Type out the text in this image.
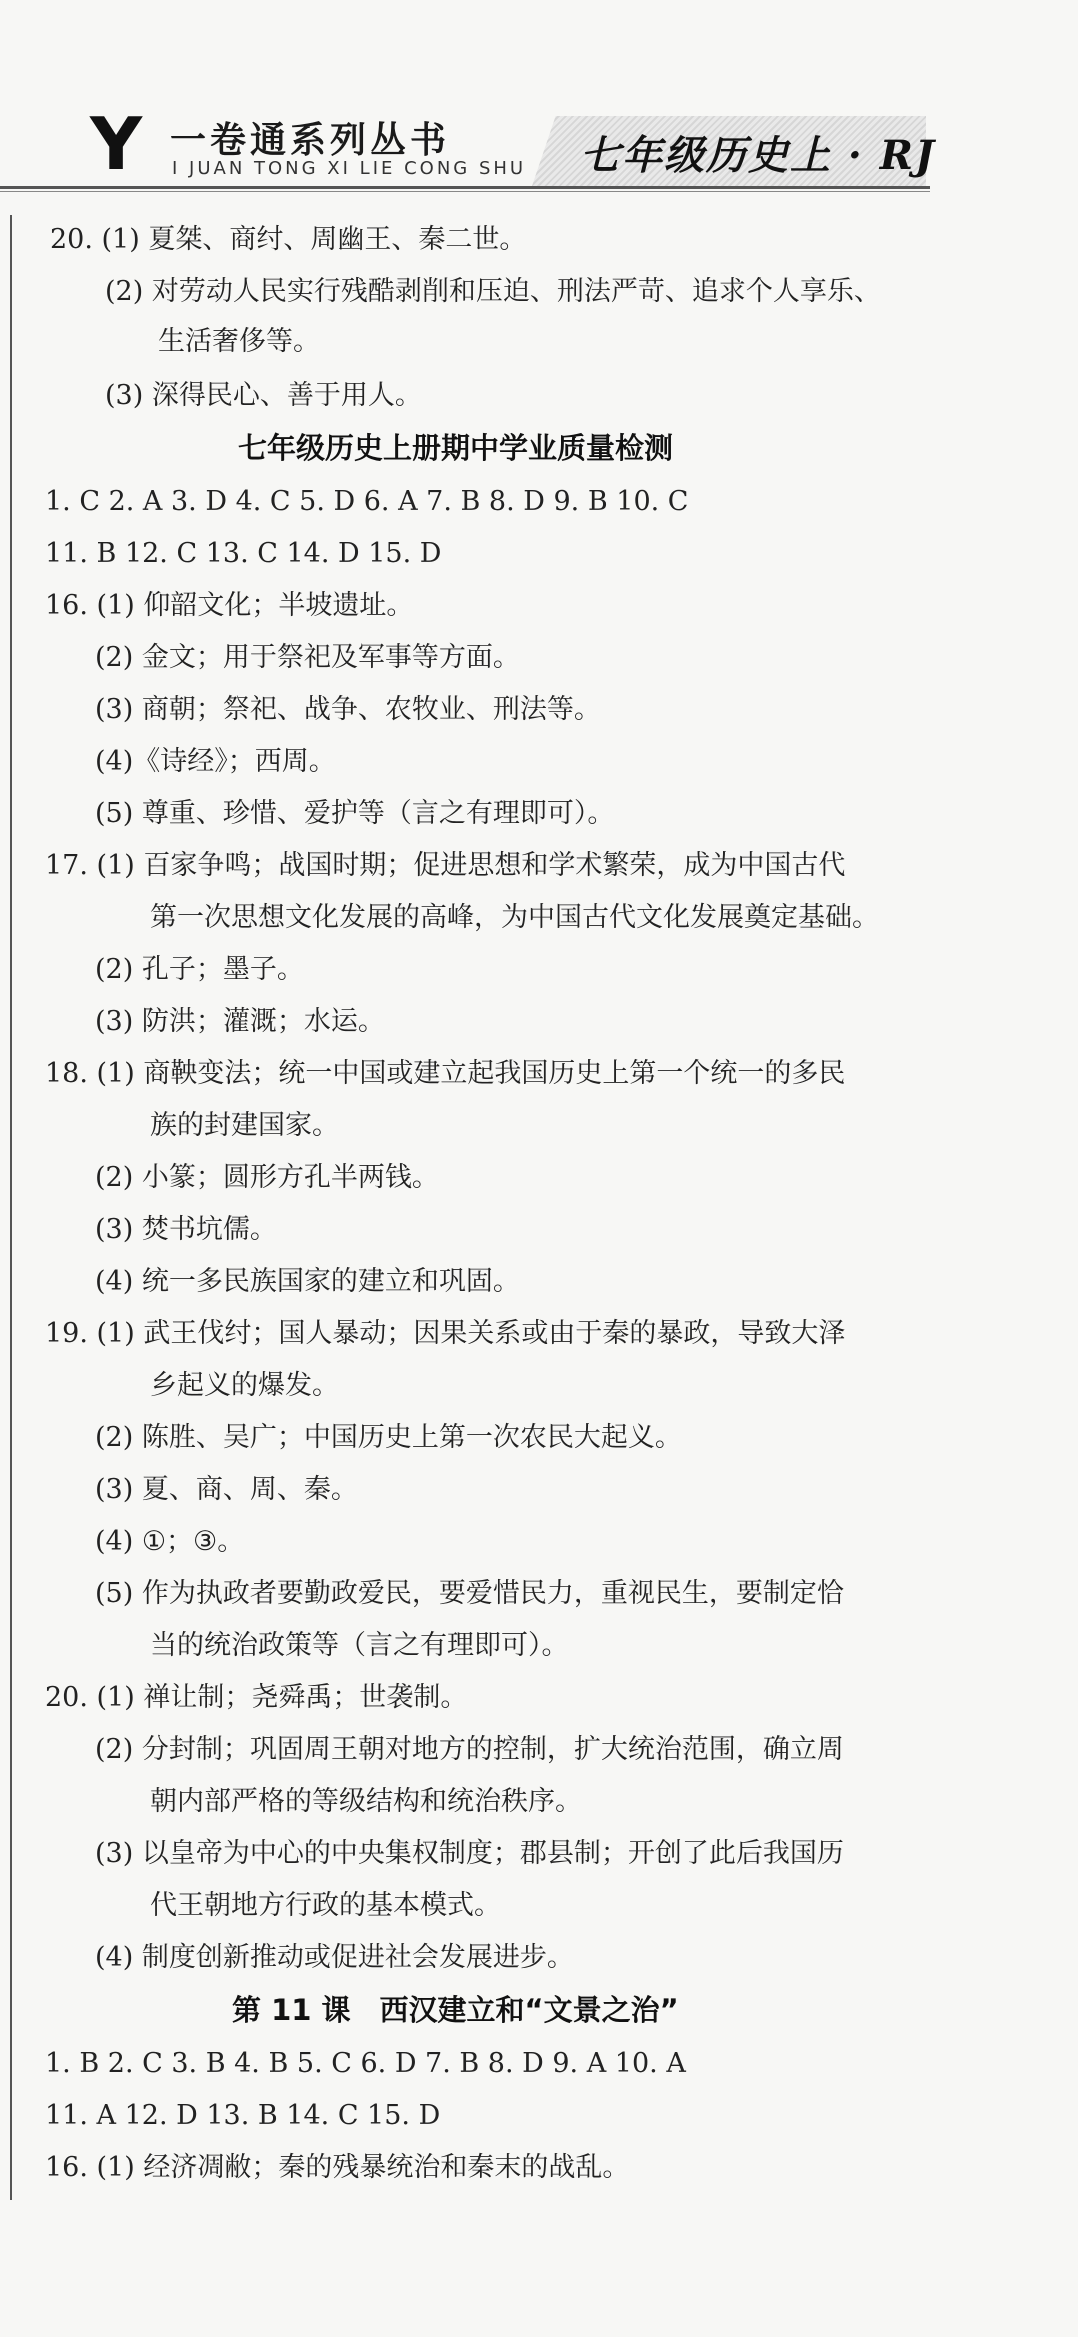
Y 一卷通系列丛书
I JUAN TONG XI LIE CONG SHU 七年级历史上 · RJ
20. (1) 夏桀、商纣、周幽王、秦二世。
(2) 对劳动人民实行残酷剥削和压迫、刑法严苛、追求个人享乐、
生活奢侈等。
(3) 深得民心、善于用人。
七年级历史上册期中学业质量检测
1. C 2. A 3. D 4. C 5. D 6. A 7. B 8. D 9. B 10. C
11. B 12. C 13. C 14. D 15. D
16. (1) 仰韶文化；半坡遗址。
(2) 金文；用于祭祀及军事等方面。
(3) 商朝；祭祀、战争、农牧业、刑法等。
(4)《诗经》；西周。
(5) 尊重、珍惜、爱护等（言之有理即可）。
17. (1) 百家争鸣；战国时期；促进思想和学术繁荣，成为中国古代
第一次思想文化发展的高峰，为中国古代文化发展奠定基础。
(2) 孔子；墨子。
(3) 防洪；灌溉；水运。
18. (1) 商鞅变法；统一中国或建立起我国历史上第一个统一的多民
族的封建国家。
(2) 小篆；圆形方孔半两钱。
(3) 焚书坑儒。
(4) 统一多民族国家的建立和巩固。
19. (1) 武王伐纣；国人暴动；因果关系或由于秦的暴政，导致大泽
乡起义的爆发。
(2) 陈胜、吴广；中国历史上第一次农民大起义。
(3) 夏、商、周、秦。
(4) ①；③。
(5) 作为执政者要勤政爱民，要爱惜民力，重视民生，要制定恰
当的统治政策等（言之有理即可）。
20. (1) 禅让制；尧舜禹；世袭制。
(2) 分封制；巩固周王朝对地方的控制，扩大统治范围，确立周
朝内部严格的等级结构和统治秩序。
(3) 以皇帝为中心的中央集权制度；郡县制；开创了此后我国历
代王朝地方行政的基本模式。
(4) 制度创新推动或促进社会发展进步。
第 11 课　西汉建立和“文景之治”
1. B 2. C 3. B 4. B 5. C 6. D 7. B 8. D 9. A 10. A
11. A 12. D 13. B 14. C 15. D
16. (1) 经济凋敝；秦的残暴统治和秦末的战乱。
